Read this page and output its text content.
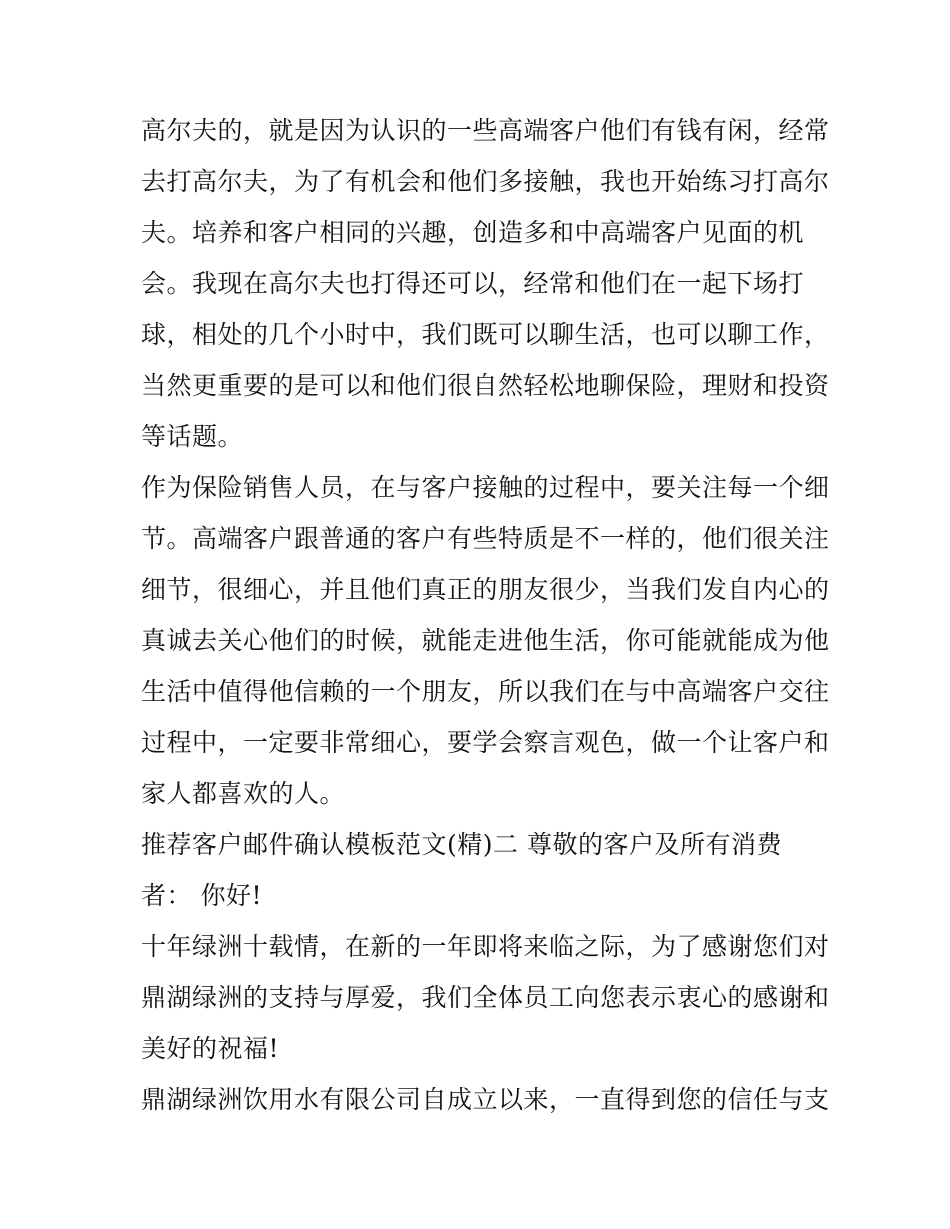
高尔夫的，就是因为认识的一些高端客户他们有钱有闲，经常
去打高尔夫，为了有机会和他们多接触，我也开始练习打高尔
夫。培养和客户相同的兴趣，创造多和中高端客户见面的机
会。我现在高尔夫也打得还可以，经常和他们在一起下场打
球，相处的几个小时中，我们既可以聊生活，也可以聊工作，
当然更重要的是可以和他们很自然轻松地聊保险，理财和投资
等话题。
作为保险销售人员，在与客户接触的过程中，要关注每一个细
节。高端客户跟普通的客户有些特质是不一样的，他们很关注
细节，很细心，并且他们真正的朋友很少，当我们发自内心的
真诚去关心他们的时候，就能走进他生活，你可能就能成为他
生活中值得他信赖的一个朋友，所以我们在与中高端客户交往
过程中，一定要非常细心，要学会察言观色，做一个让客户和
家人都喜欢的人。
推荐客户邮件确认模板范文(精)二 尊敬的客户及所有消费
者： 你好!
十年绿洲十载情，在新的一年即将来临之际，为了感谢您们对
鼎湖绿洲的支持与厚爱，我们全体员工向您表示衷心的感谢和
美好的祝福!
鼎湖绿洲饮用水有限公司自成立以来，一直得到您的信任与支
